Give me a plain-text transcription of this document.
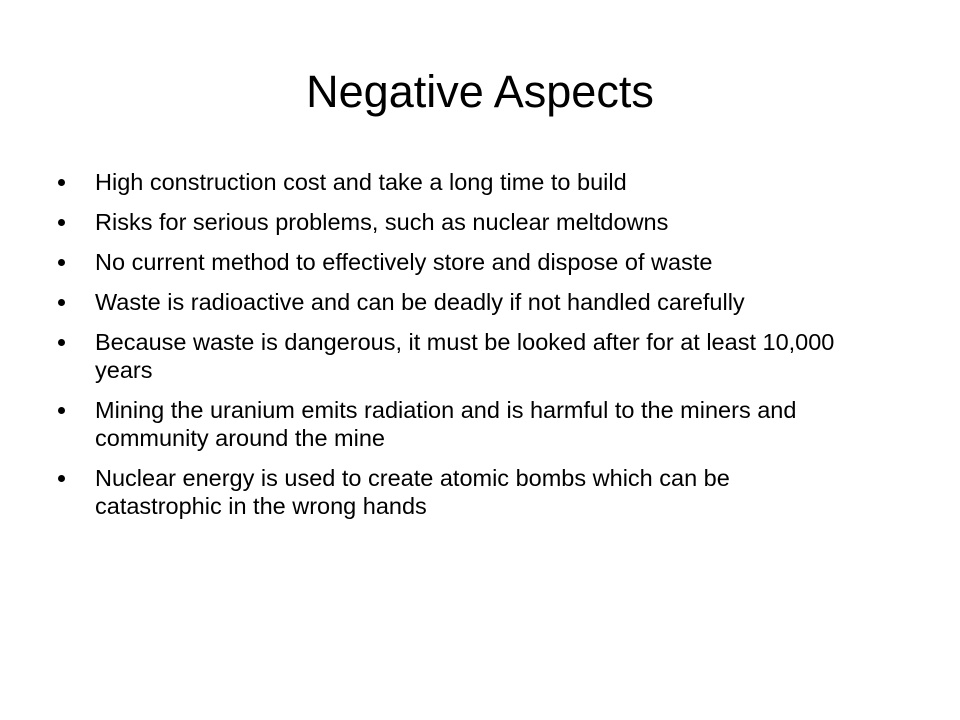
Negative Aspects
High construction cost and take a long time to build
Risks for serious problems, such as nuclear meltdowns
No current method to effectively store and dispose of waste
Waste is radioactive and can be deadly if not handled carefully
Because waste is dangerous, it must be looked after for at least 10,000 years
Mining the uranium emits radiation and is harmful to the miners and community around the mine
Nuclear energy is used to create atomic bombs which can be catastrophic in the wrong hands
